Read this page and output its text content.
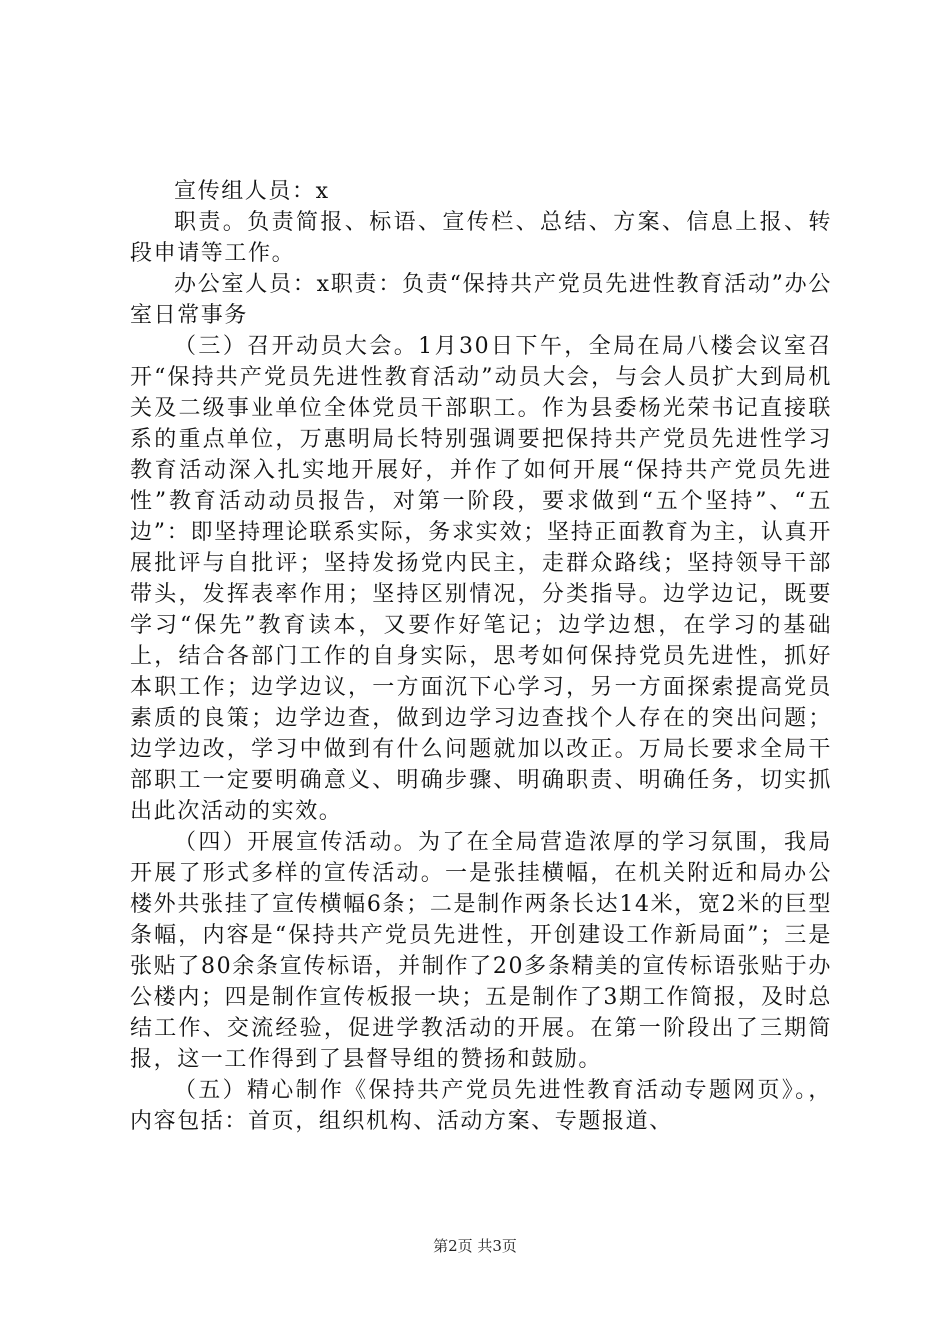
宣传组人员：x

职责。负责简报、标语、宣传栏、总结、方案、信息上报、转段申请等工作。

办公室人员：x职责：负责“保持共产党员先进性教育活动”办公室日常事务

（三）召开动员大会。1月30日下午，全局在局八楼会议室召开“保持共产党员先进性教育活动”动员大会，与会人员扩大到局机关及二级事业单位全体党员干部职工。作为县委杨光荣书记直接联系的重点单位，万惠明局长特别强调要把保持共产党员先进性学习教育活动深入扎实地开展好，并作了如何开展“保持共产党员先进性”教育活动动员报告，对第一阶段，要求做到“五个坚持”、“五边”：即坚持理论联系实际，务求实效；坚持正面教育为主，认真开展批评与自批评；坚持发扬党内民主，走群众路线；坚持领导干部带头，发挥表率作用；坚持区别情况，分类指导。边学边记，既要学习“保先”教育读本，又要作好笔记；边学边想，在学习的基础上，结合各部门工作的自身实际，思考如何保持党员先进性，抓好本职工作；边学边议，一方面沉下心学习，另一方面探索提高党员素质的良策；边学边查，做到边学习边查找个人存在的突出问题；边学边改，学习中做到有什么问题就加以改正。万局长要求全局干部职工一定要明确意义、明确步骤、明确职责、明确任务，切实抓出此次活动的实效。

（四）开展宣传活动。为了在全局营造浓厚的学习氛围，我局开展了形式多样的宣传活动。一是张挂横幅，在机关附近和局办公楼外共张挂了宣传横幅6条；二是制作两条长达14米，宽2米的巨型条幅，内容是“保持共产党员先进性，开创建设工作新局面”；三是张贴了80余条宣传标语，并制作了20多条精美的宣传标语张贴于办公楼内；四是制作宣传板报一块；五是制作了3期工作简报，及时总结工作、交流经验，促进学教活动的开展。在第一阶段出了三期简报，这一工作得到了县督导组的赞扬和鼓励。

（五）精心制作《保持共产党员先进性教育活动专题网页》。，内容包括：首页，组织机构、活动方案、专题报道、

第2页 共3页
